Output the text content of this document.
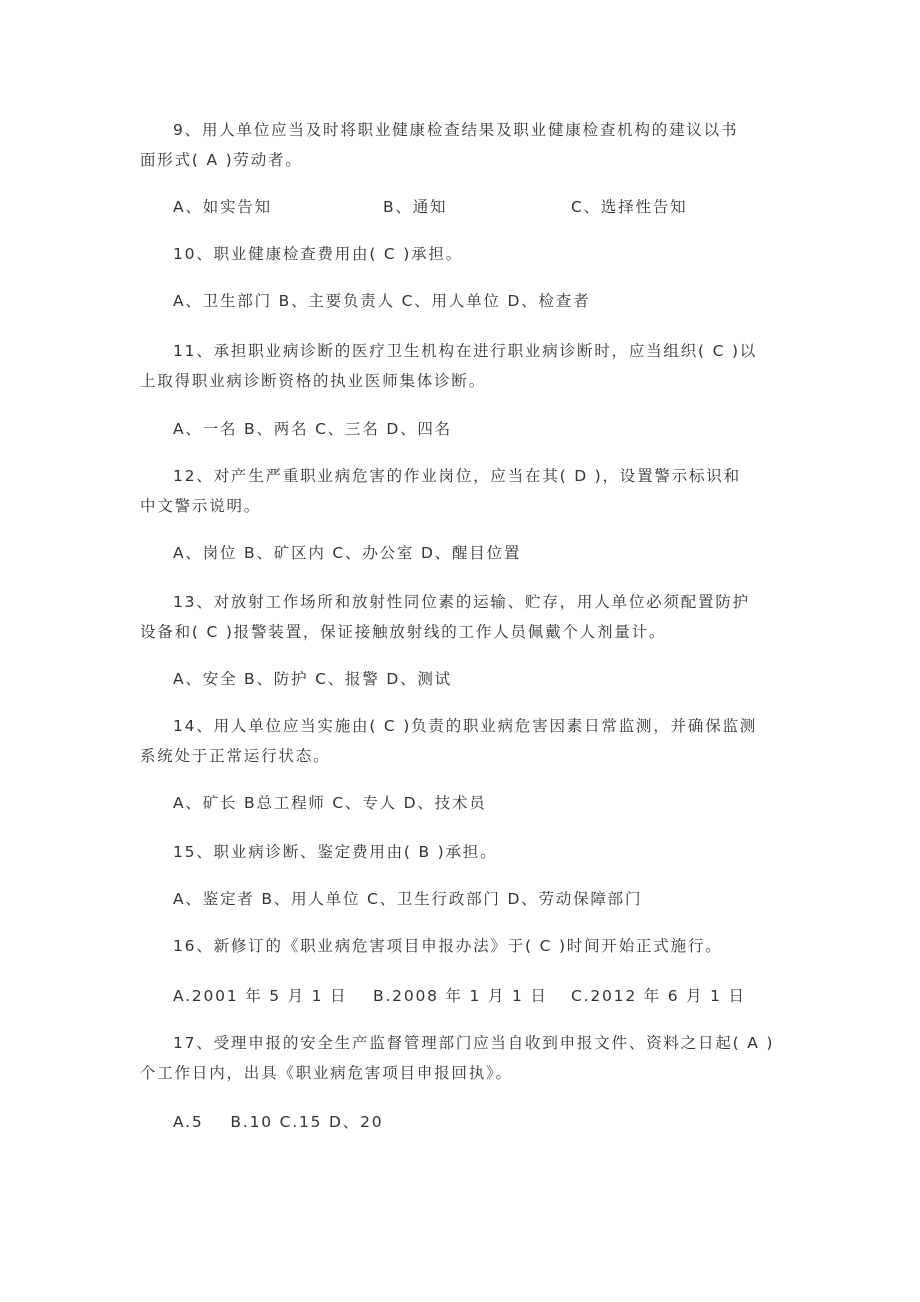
9、用人单位应当及时将职业健康检查结果及职业健康检查机构的建议以书
面形式( A )劳动者。
A、如实告知	B、通知	C、选择性告知
10、职业健康检查费用由( C )承担。
A、卫生部门 B、主要负责人 C、用人单位 D、检查者
11、承担职业病诊断的医疗卫生机构在进行职业病诊断时，应当组织( C )以
上取得职业病诊断资格的执业医师集体诊断。
A、一名 B、两名 C、三名 D、四名
12、对产生严重职业病危害的作业岗位，应当在其( D )，设置警示标识和
中文警示说明。
A、岗位 B、矿区内 C、办公室 D、醒目位置
13、对放射工作场所和放射性同位素的运输、贮存，用人单位必须配置防护
设备和( C )报警装置，保证接触放射线的工作人员佩戴个人剂量计。
A、安全 B、防护 C、报警 D、测试
14、用人单位应当实施由( C )负责的职业病危害因素日常监测，并确保监测
系统处于正常运行状态。
A、矿长 B总工程师 C、专人 D、技术员
15、职业病诊断、鉴定费用由( B )承担。
A、鉴定者 B、用人单位 C、卫生行政部门 D、劳动保障部门
16、新修订的《职业病危害项目申报办法》于( C )时间开始正式施行。
A.2001 年 5 月 1 日 B.2008 年 1 月 1 日 C.2012 年 6 月 1 日
17、受理申报的安全生产监督管理部门应当自收到申报文件、资料之日起( A )
个工作日内，出具《职业病危害项目申报回执》。
A.5    B.10 C.15 D、20
